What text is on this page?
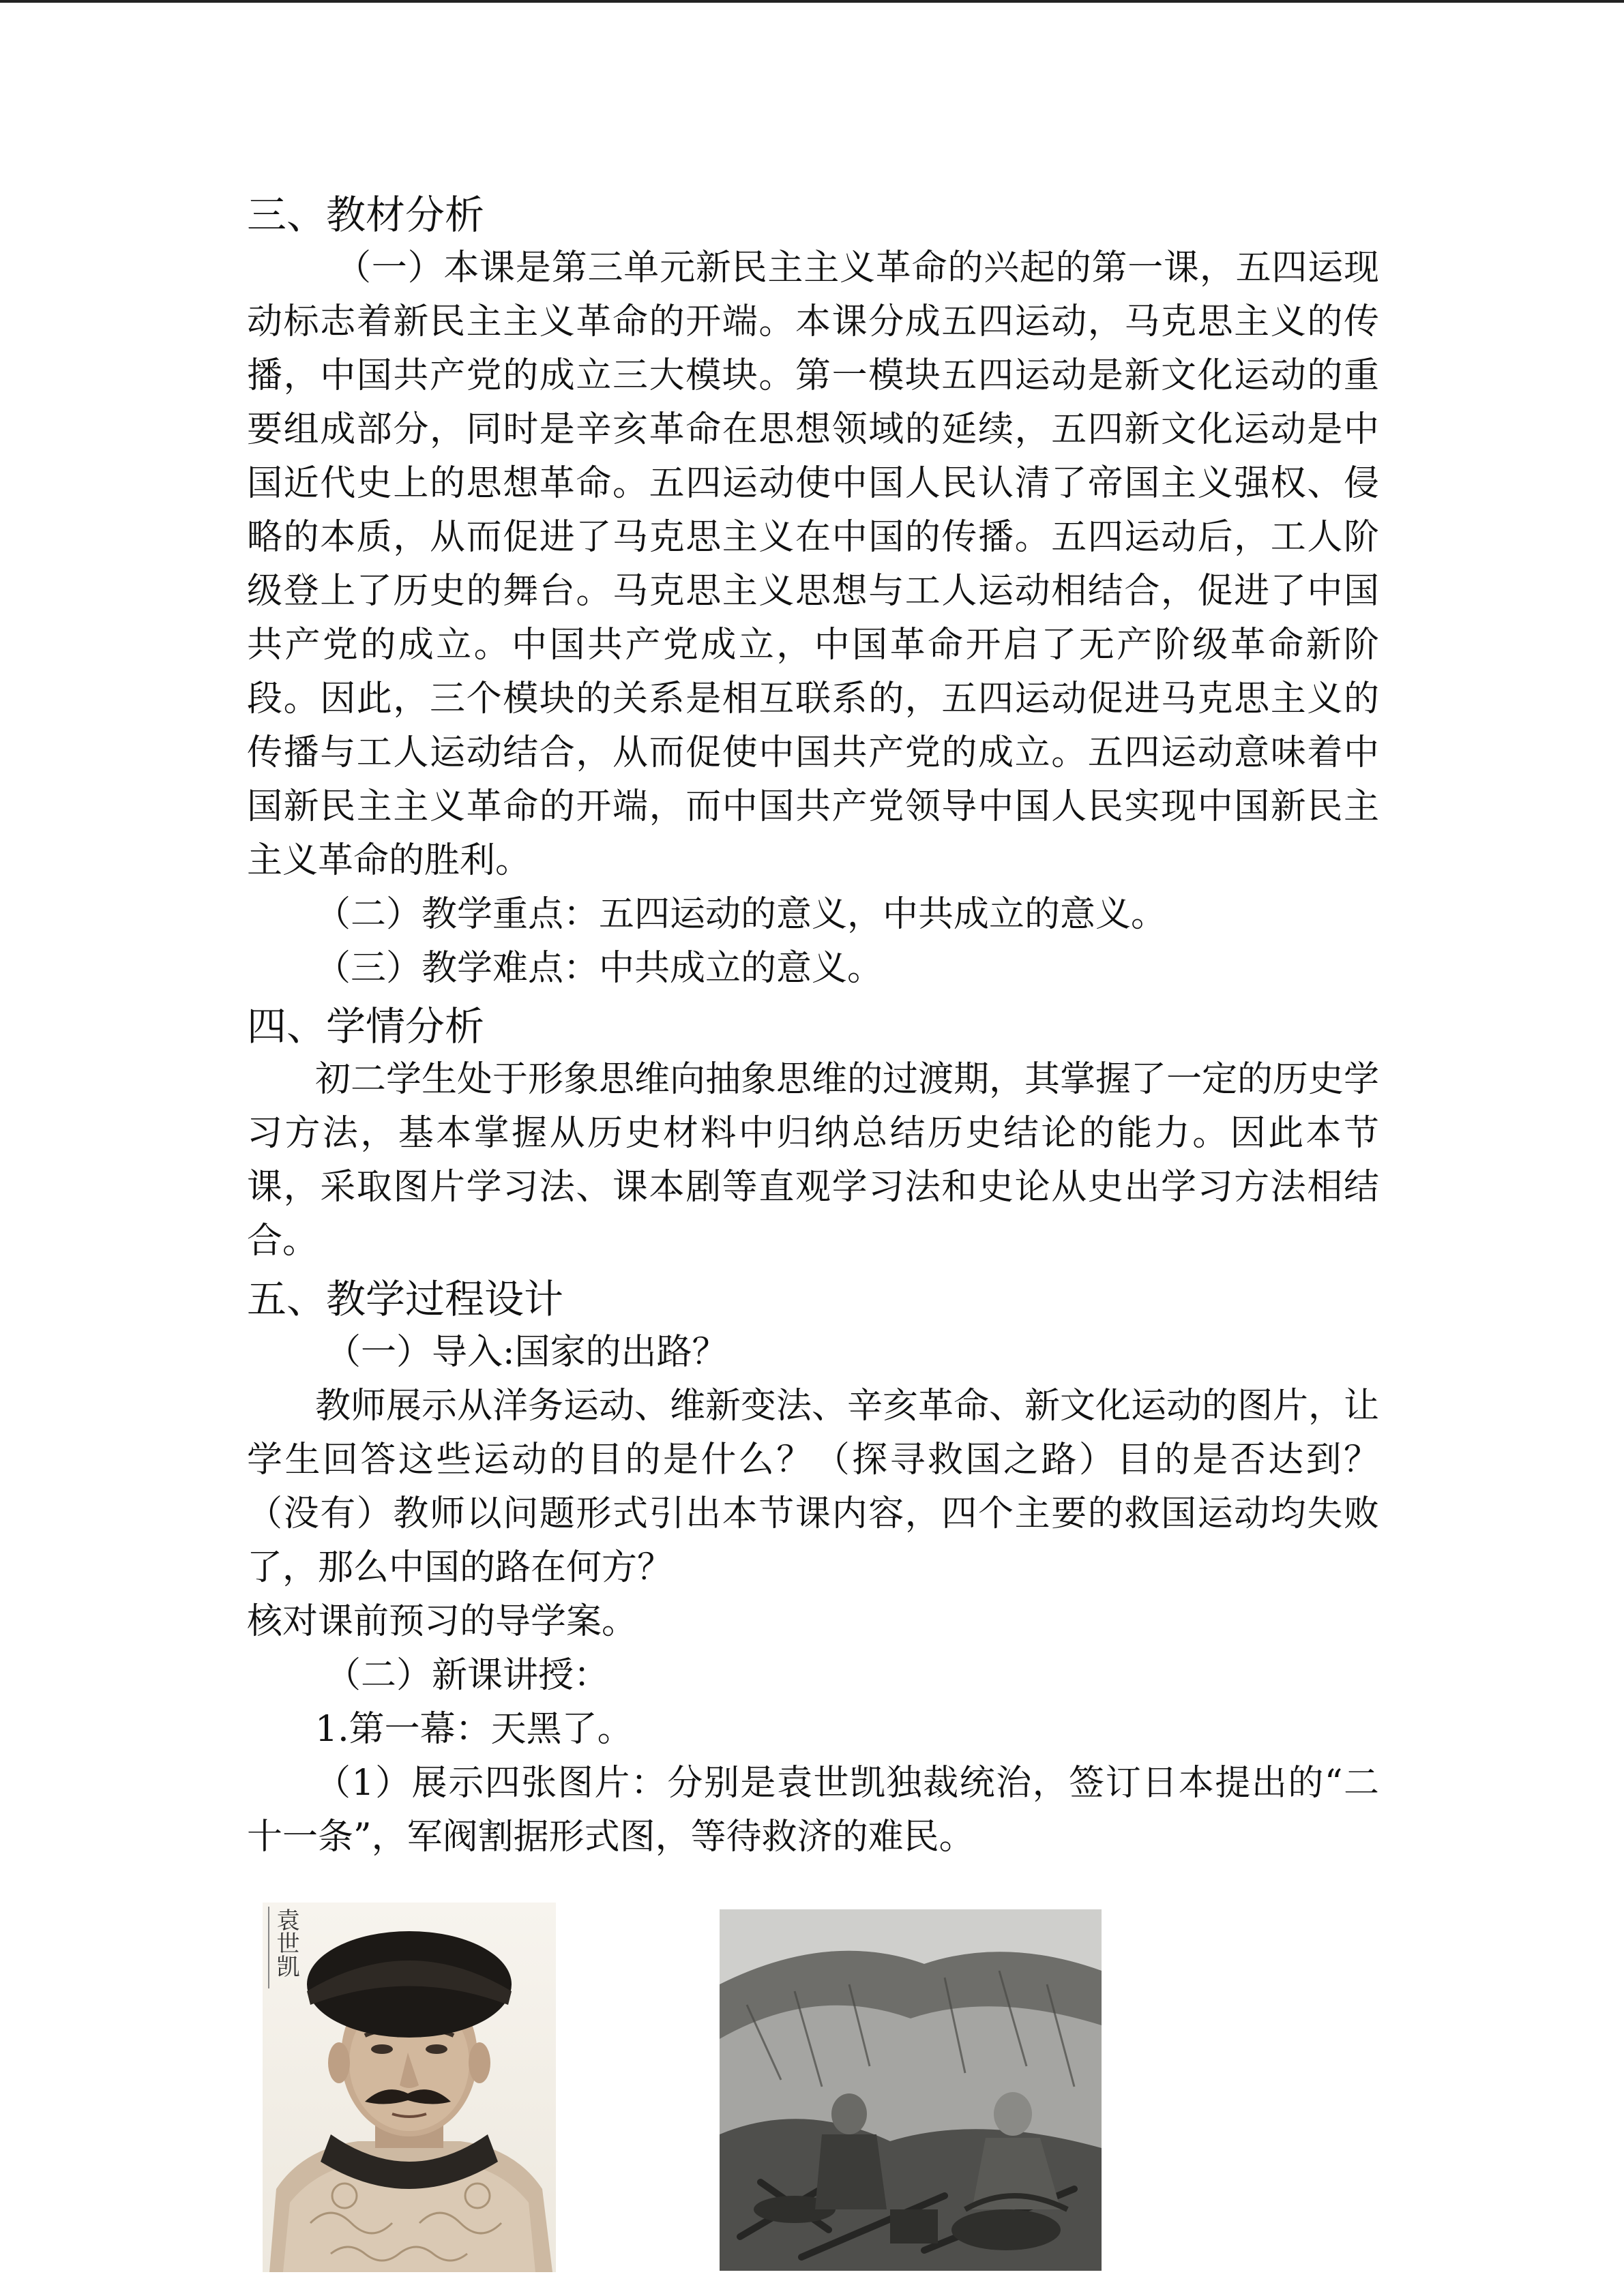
三、教材分析

（一）本课是第三单元新民主主义革命的兴起的第一课，五四运现动标志着新民主主义革命的开端。本课分成五四运动，马克思主义的传播，中国共产党的成立三大模块。第一模块五四运动是新文化运动的重要组成部分，同时是辛亥革命在思想领域的延续，五四新文化运动是中国近代史上的思想革命。五四运动使中国人民认清了帝国主义强权、侵略的本质，从而促进了马克思主义在中国的传播。五四运动后，工人阶级登上了历史的舞台。马克思主义思想与工人运动相结合，促进了中国共产党的成立。中国共产党成立，中国革命开启了无产阶级革命新阶段。因此，三个模块的关系是相互联系的，五四运动促进马克思主义的传播与工人运动结合，从而促使中国共产党的成立。五四运动意味着中国新民主主义革命的开端，而中国共产党领导中国人民实现中国新民主主义革命的胜利。

（二）教学重点：五四运动的意义，中共成立的意义。

（三）教学难点：中共成立的意义。

四、学情分析

初二学生处于形象思维向抽象思维的过渡期，其掌握了一定的历史学习方法，基本掌握从历史材料中归纳总结历史结论的能力。因此本节课，采取图片学习法、课本剧等直观学习法和史论从史出学习方法相结合。

五、教学过程设计

（一）导入:国家的出路？

教师展示从洋务运动、维新变法、辛亥革命、新文化运动的图片，让学生回答这些运动的目的是什么？（探寻救国之路）目的是否达到？（没有）教师以问题形式引出本节课内容，四个主要的救国运动均失败了，那么中国的路在何方？

核对课前预习的导学案。

（二）新课讲授：

1.第一幕：天黑了。

（1）展示四张图片：分别是袁世凯独裁统治，签订日本提出的“二十一条”，军阀割据形式图，等待救济的难民。

袁世凯
